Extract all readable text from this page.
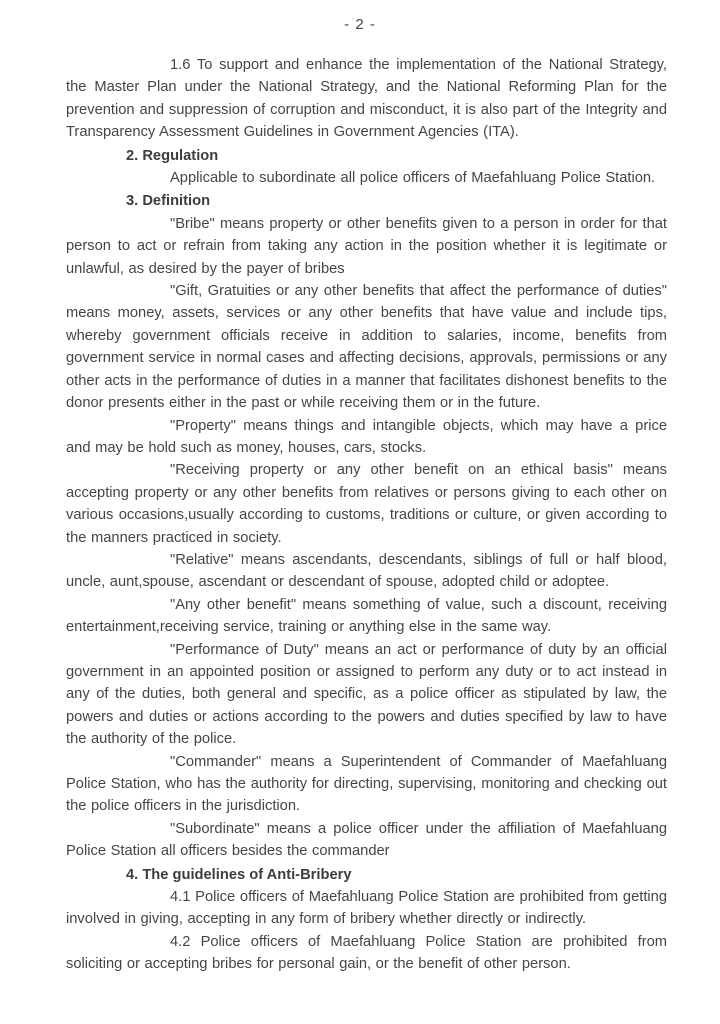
- 2 -

1.6 To support and enhance the implementation of the National Strategy, the Master Plan under the National Strategy, and the National Reforming Plan for the prevention and suppression of corruption and misconduct, it is also part of the Integrity and Transparency Assessment Guidelines in Government Agencies (ITA).

2. Regulation

Applicable to subordinate all police officers of Maefahluang Police Station.

3. Definition

"Bribe" means property or other benefits given to a person in order for that person to act or refrain from taking any action in the position whether it is legitimate or unlawful, as desired by the payer of bribes

"Gift, Gratuities or any other benefits that affect the performance of duties" means money, assets, services or any other benefits that have value and include tips, whereby government officials receive in addition to salaries, income, benefits from government service in normal cases and affecting decisions, approvals, permissions or any other acts in the performance of duties in a manner that facilitates dishonest benefits to the donor presents either in the past or while receiving them or in the future.

"Property" means things and intangible objects, which may have a price and may be hold such as money, houses, cars, stocks.

"Receiving property or any other benefit on an ethical basis" means accepting property or any other benefits from relatives or persons giving to each other on various occasions,usually according to customs, traditions or culture, or given according to the manners practiced in society.

"Relative" means ascendants, descendants, siblings of full or half blood, uncle, aunt,spouse, ascendant or descendant of spouse, adopted child or adoptee.

"Any other benefit" means something of value, such a discount, receiving entertainment,receiving service, training or anything else in the same way.

"Performance of Duty" means an act or performance of duty by an official government in an appointed position or assigned to perform any duty or to act instead in any of the duties, both general and specific, as a police officer as stipulated by law, the powers and duties or actions according to the powers and duties specified by law to have the authority of the police.

"Commander" means a Superintendent of Commander of Maefahluang Police Station, who has the authority for directing, supervising, monitoring and checking out the police officers in the jurisdiction.

"Subordinate" means a police officer under the affiliation of Maefahluang Police Station all officers besides the commander

4. The guidelines of Anti-Bribery

4.1 Police officers of Maefahluang Police Station are prohibited from getting involved in giving, accepting in any form of bribery whether directly or indirectly.

4.2 Police officers of Maefahluang Police Station are prohibited from soliciting or accepting bribes for personal gain, or the benefit of other person.
